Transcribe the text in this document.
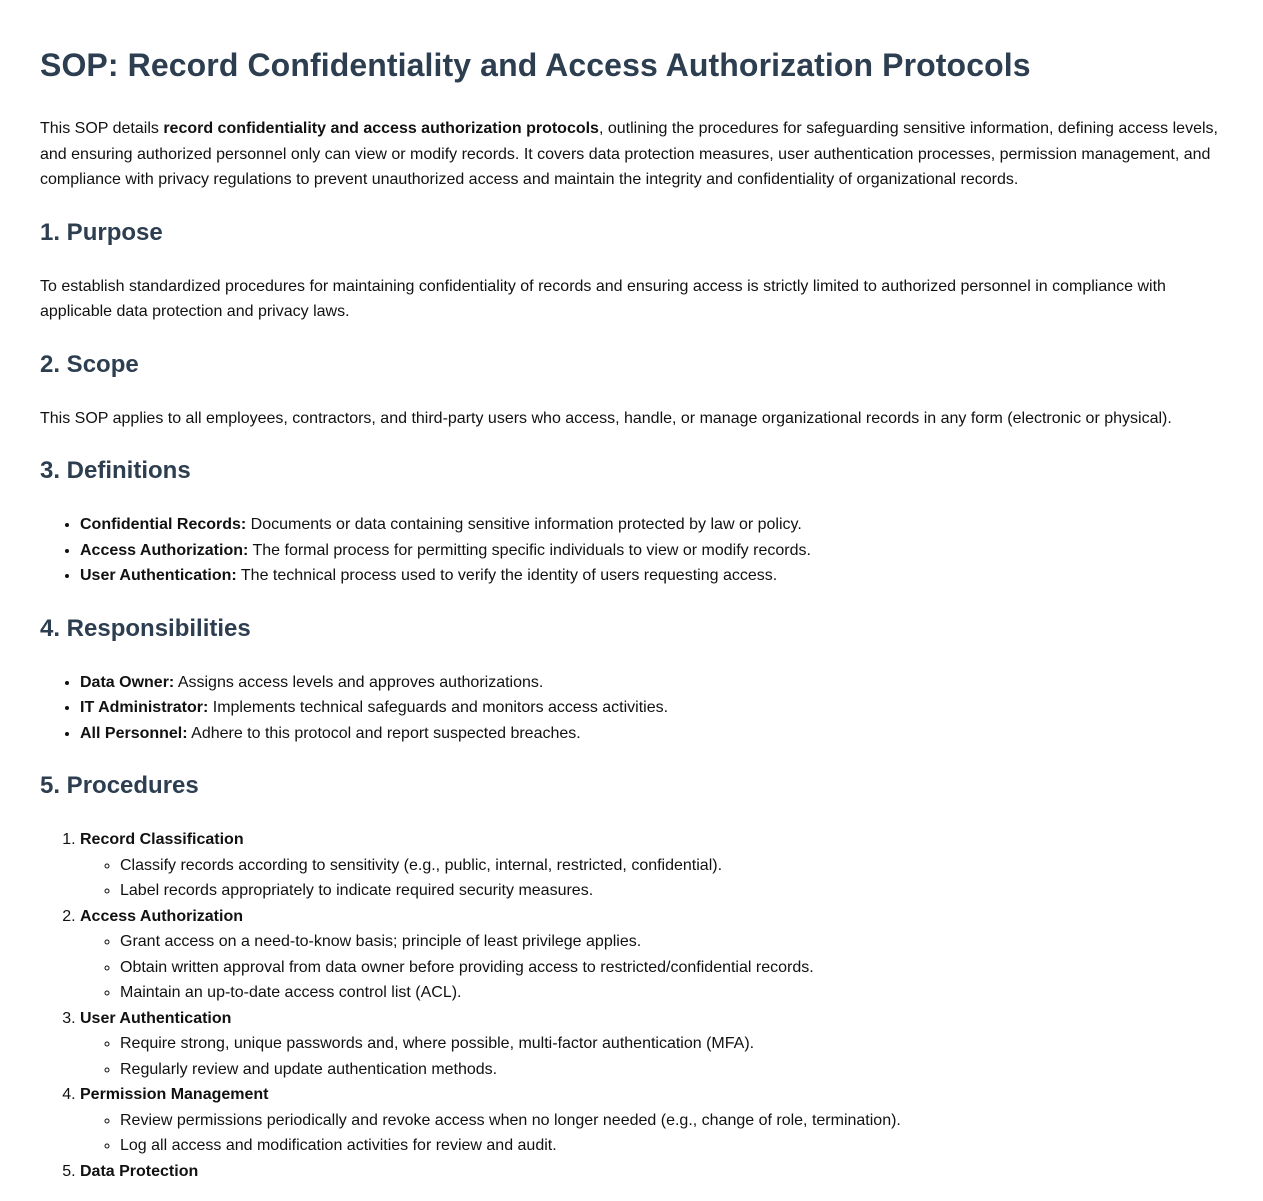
SOP: Record Confidentiality and Access Authorization Protocols

This SOP details record confidentiality and access authorization protocols, outlining the procedures for safeguarding sensitive information, defining access levels, and ensuring authorized personnel only can view or modify records. It covers data protection measures, user authentication processes, permission management, and compliance with privacy regulations to prevent unauthorized access and maintain the integrity and confidentiality of organizational records.

1. Purpose

To establish standardized procedures for maintaining confidentiality of records and ensuring access is strictly limited to authorized personnel in compliance with applicable data protection and privacy laws.

2. Scope

This SOP applies to all employees, contractors, and third-party users who access, handle, or manage organizational records in any form (electronic or physical).

3. Definitions
• Confidential Records: Documents or data containing sensitive information protected by law or policy.
• Access Authorization: The formal process for permitting specific individuals to view or modify records.
• User Authentication: The technical process used to verify the identity of users requesting access.
4. Responsibilities
• Data Owner: Assigns access levels and approves authorizations.
• IT Administrator: Implements technical safeguards and monitors access activities.
• All Personnel: Adhere to this protocol and report suspected breaches.
5. Procedures
1. Record Classification
◦ Classify records according to sensitivity (e.g., public, internal, restricted, confidential).
◦ Label records appropriately to indicate required security measures.
2. Access Authorization
◦ Grant access on a need-to-know basis; principle of least privilege applies.
◦ Obtain written approval from data owner before providing access to restricted/confidential records.
◦ Maintain an up-to-date access control list (ACL).
3. User Authentication
◦ Require strong, unique passwords and, where possible, multi-factor authentication (MFA).
◦ Regularly review and update authentication methods.
4. Permission Management
◦ Review permissions periodically and revoke access when no longer needed (e.g., change of role, termination).
◦ Log all access and modification activities for review and audit.
5. Data Protection
